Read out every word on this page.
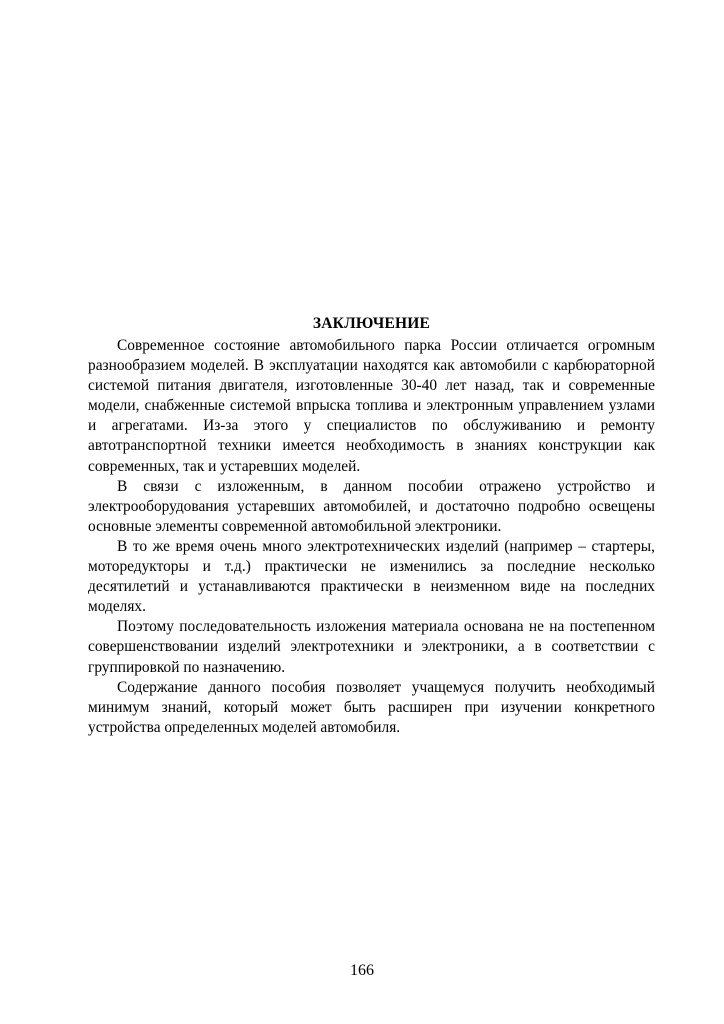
ЗАКЛЮЧЕНИЕ

Современное состояние автомобильного парка России отличается огромным разнообразием моделей. В эксплуатации находятся как автомобили с карбюраторной системой питания двигателя, изготовленные 30-40 лет назад, так и современные модели, снабженные системой впрыска топлива и электронным управлением узлами и агрегатами. Из-за этого у специалистов по обслуживанию и ремонту автотранспортной техники имеется необходимость в знаниях конструкции как современных, так и устаревших моделей.

В связи с изложенным, в данном пособии отражено устройство и электрооборудования устаревших автомобилей, и достаточно подробно освещены основные элементы современной автомобильной электроники.

В то же время очень много электротехнических изделий (например – стартеры, моторедукторы и т.д.) практически не изменились за последние несколько десятилетий и устанавливаются практически в неизменном виде на последних моделях.

Поэтому последовательность изложения материала основана не на постепенном совершенствовании изделий электротехники и электроники, а в соответствии с группировкой по назначению.

Содержание данного пособия позволяет учащемуся получить необходимый минимум знаний, который может быть расширен при изучении конкретного устройства определенных моделей автомобиля.

166
